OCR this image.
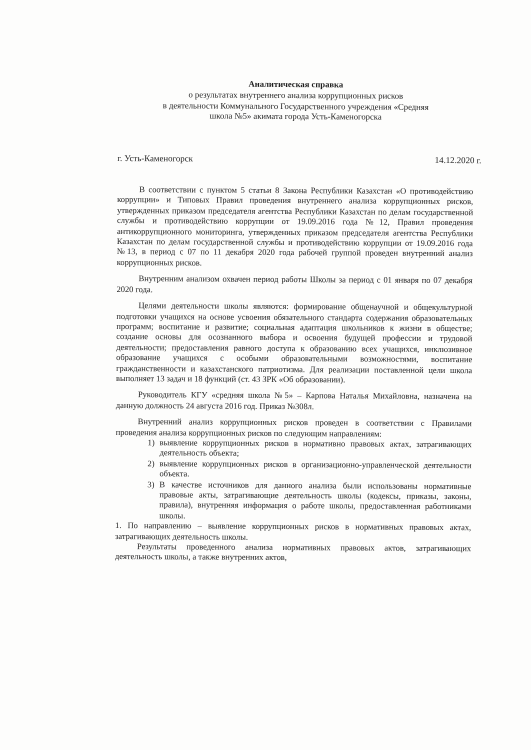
Аналитическая справка
о результатах внутреннего анализа коррупционных рисков
в деятельности Коммунального Государственного учреждения «Средняя
школа №5» акимата города Усть-Каменогорска
г. Усть-Каменогорск	14.12.2020 г.

В соответствии с пунктом 5 статьи 8 Закона Республики Казахстан «О противодействию коррупции» и Типовых Правил проведения внутреннего анализа коррупционных рисков, утвержденных приказом председателя агентства Республики Казахстан по делам государственной службы и противодействию коррупции от 19.09.2016 года №12, Правил проведения антикоррупционного мониторинга, утвержденных приказом председателя агентства Республики Казахстан по делам государственной службы и противодействию коррупции от 19.09.2016 года №13, в период с 07 по 11 декабря 2020 года рабочей группой проведен внутренний анализ коррупционных рисков.

Внутренним анализом охвачен период работы Школы за период с 01 января по 07 декабря 2020 года.

Целями деятельности школы являются: формирование общенаучной и общекультурной подготовки учащихся на основе усвоения обязательного стандарта содержания образовательных программ; воспитание и развитие; социальная адаптация школьников к жизни в обществе; создание основы для осознанного выбора и освоения будущей профессии и трудовой деятельности; предоставления равного доступа к образованию всех учащихся, инклюзивное образование учащихся с особыми образовательными возможностями, воспитание гражданственности и казахстанского патриотизма. Для реализации поставленной цели школа выполняет 13 задач и 18 функций (ст. 43 ЗРК «Об образовании).

Руководитель КГУ «средняя школа №5» – Карпова Наталья Михайловна, назначена на данную должность 24 августа 2016 год. Приказ №308л.

Внутренний анализ коррупционных рисков проведен в соответствии с Правилами проведения анализа коррупционных рисков по следующим направлениям:

1) выявление коррупционных рисков в нормативно правовых актах, затрагивающих деятельность объекта;
2) выявление коррупционных рисков в организационно-управленческой деятельности объекта.
3) В качестве источников для данного анализа были использованы нормативные правовые акты, затрагивающие деятельность школы (кодексы, приказы, законы, правила), внутренняя информация о работе школы, предоставленная работниками школы.

1. По направлению – выявление коррупционных рисков в нормативных правовых актах, затрагивающих деятельность школы.

Результаты проведенного анализа нормативных правовых актов, затрагивающих деятельность школы, а также внутренних актов,
